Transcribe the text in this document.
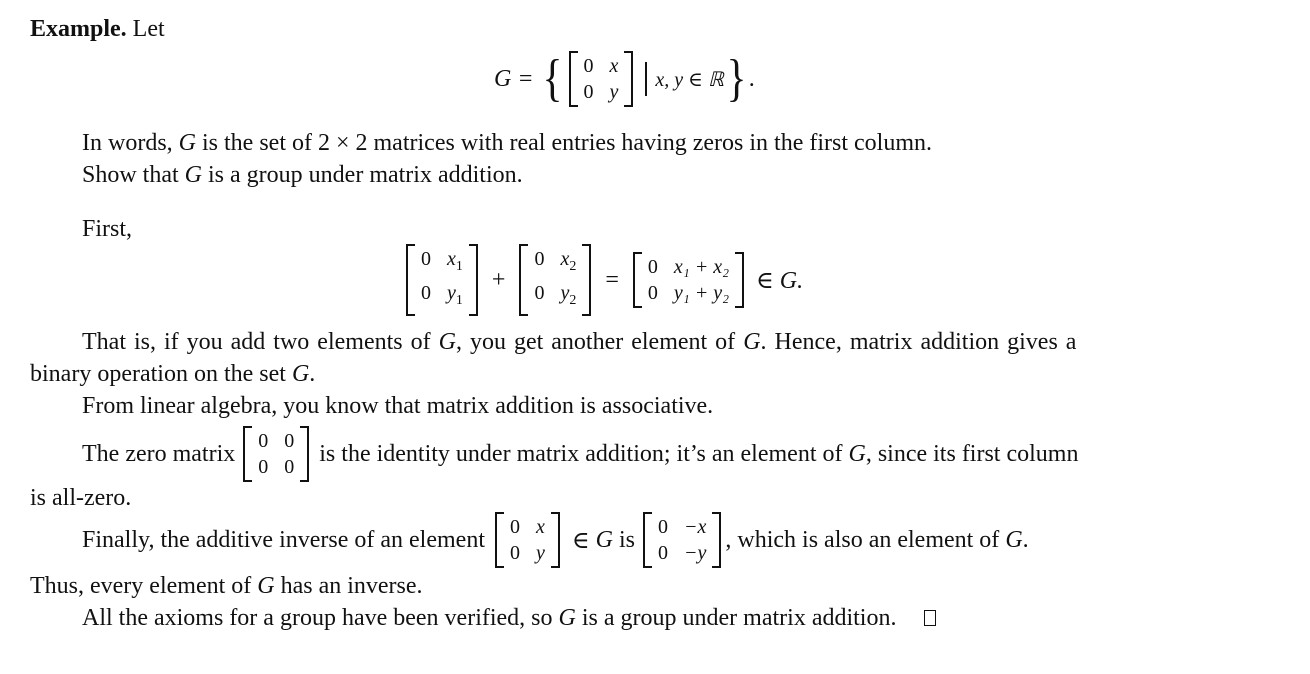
Example. Let
G = { 0 x
0 y
x, y ∈ ℝ } .
In words, G is the set of 2 × 2 matrices with real entries having zeros in the first column.
Show that G is a group under matrix addition.
First,
0 $x_1$
0 $y_1$
+
0 $x_2$
0 $y_2$
= 0 x₁ + x₂
0 y₁ + y₂ ∈ G.
That is, if you add two elements of G, you get another element of G. Hence, matrix addition gives a
binary operation on the set G.
From linear algebra, you know that matrix addition is associative.
The zero matrix 0 0
0 0
is the identity under matrix addition; it’s an element of
G , since its first column
is all-zero.
Finally, the additive inverse of an element 0 x
0 y ∈
G
is 0 −x
0 −y
, which is also an element of
G .
Thus, every element of G has an inverse.
All the axioms for a group have been verified, so G is a group under matrix addition.
